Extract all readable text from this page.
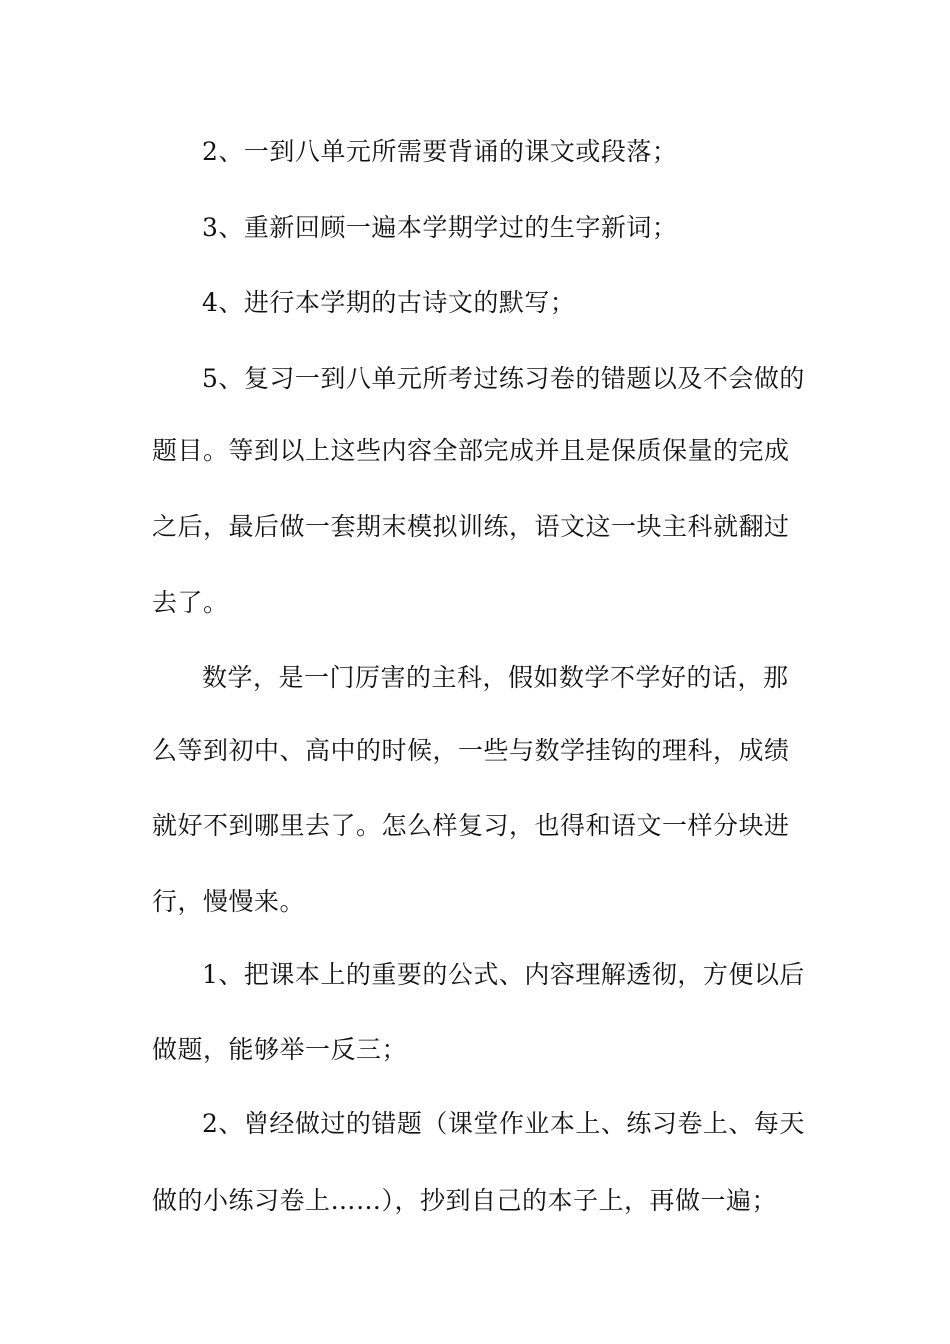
2、一到八单元所需要背诵的课文或段落；
3、重新回顾一遍本学期学过的生字新词；
4、进行本学期的古诗文的默写；
5、复习一到八单元所考过练习卷的错题以及不会做的
题目。等到以上这些内容全部完成并且是保质保量的完成
之后，最后做一套期末模拟训练，语文这一块主科就翻过
去了。
数学，是一门厉害的主科，假如数学不学好的话，那
么等到初中、高中的时候，一些与数学挂钩的理科，成绩
就好不到哪里去了。怎么样复习，也得和语文一样分块进
行，慢慢来。
1、把课本上的重要的公式、内容理解透彻，方便以后
做题，能够举一反三；
2、曾经做过的错题（课堂作业本上、练习卷上、每天
做的小练习卷上……），抄到自己的本子上，再做一遍；
